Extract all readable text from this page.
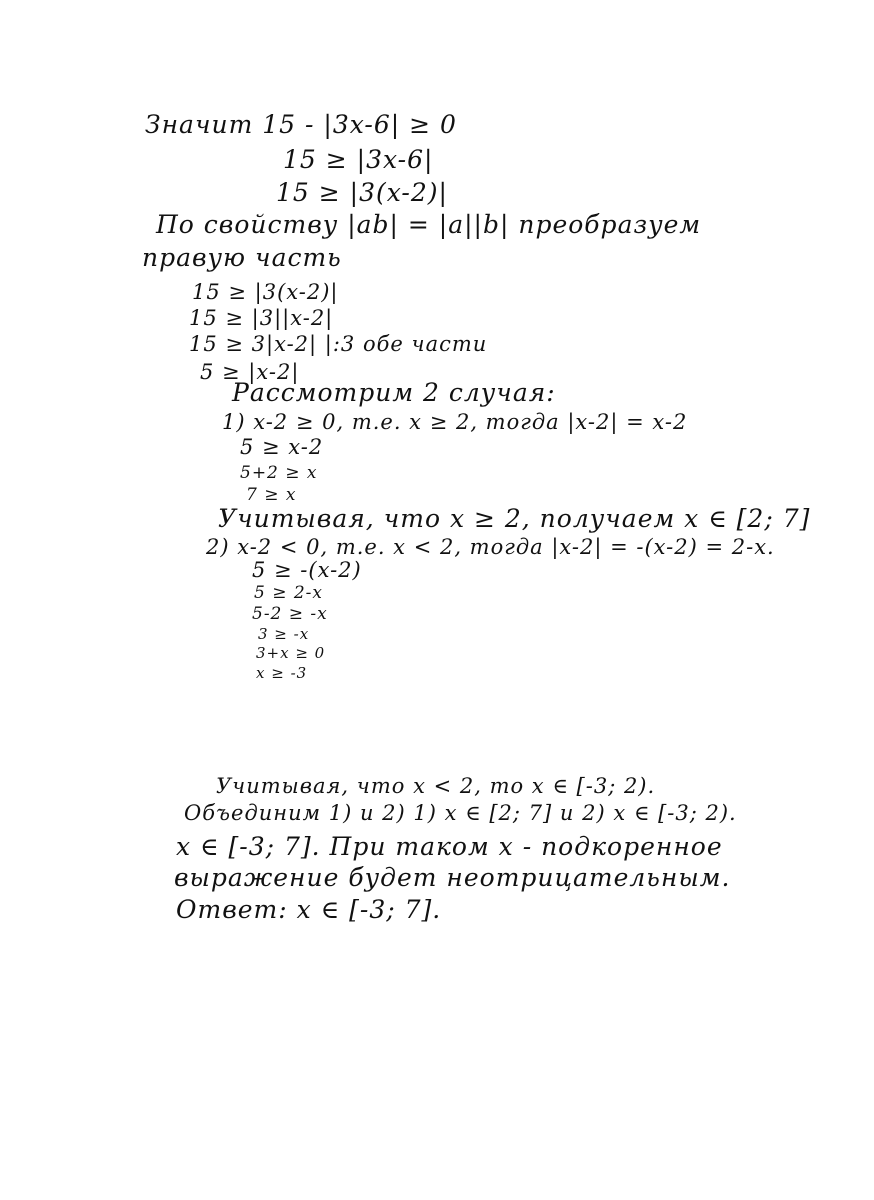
Значит 15 - |3x-6| ≥ 0
15 ≥ |3x-6|
15 ≥ |3(x-2)|
По свойству |ab| = |a||b| преобразуем
правую часть
15 ≥ |3(x-2)|
15 ≥ |3||x-2|
15 ≥ 3|x-2| |:3 обе части
5 ≥ |x-2|
Рассмотрим 2 случая:
1) x-2 ≥ 0, т.е. x ≥ 2, тогда |x-2| = x-2
5 ≥ x-2
5+2 ≥ x
7 ≥ x
Учитывая, что x ≥ 2, получаем x ∈ [2; 7]
2) x-2 < 0, т.е. x < 2, тогда |x-2| = -(x-2) = 2-x.
5 ≥ -(x-2)
5 ≥ 2-x
5-2 ≥ -x
3 ≥ -x
3+x ≥ 0
x ≥ -3
Учитывая, что x < 2, то x ∈ [-3; 2).
Объединим 1) и 2) 1) x ∈ [2; 7] и 2) x ∈ [-3; 2).
x ∈ [-3; 7]. При таком x - подкоренное
выражение будет неотрицательным.
Ответ: x ∈ [-3; 7].
